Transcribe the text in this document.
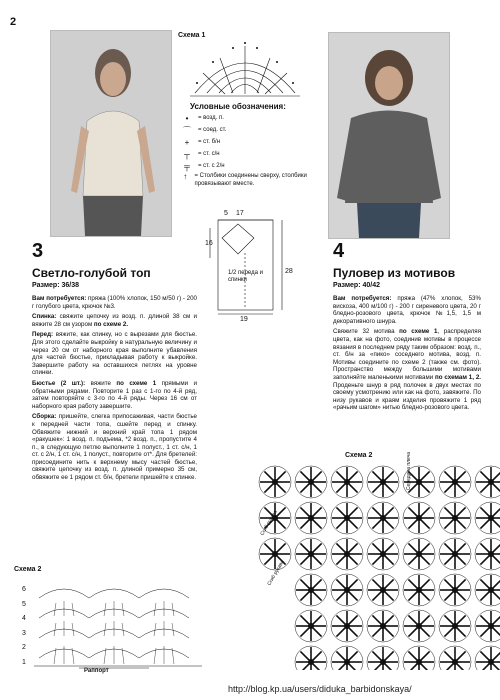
2
Схема 1
Условные обозначения:
•	= возд. п.
⌒	= соед. ст.
+	= ст. б/н
┬	= ст. с/н
╤	= ст. с 2/н
↑	= Столбики соединены сверху, столбики провязывают вместе.
17
16
5
28
19
1/2 переда и спинки
3
Светло-голубой топ
Размер: 36/38

Вам потребуется: пряжа (100% хлопок, 150 м/50 г) - 200 г голубого цвета, крючок №3.

Спинка: свяжите цепочку из возд. п. длиной 38 см и вяжите 28 см узором по схеме 2.

Перед: вяжите, как спинку, но с вырезами для бюстье. Для этого сделайте выкройку в натуральную величину и через 20 см от наборного края выполните убавления для частей бюстье, прикладывая работу к выкройке. Завершите работу на оставшихся петлях на уровне спинки.

Бюстье (2 шт.): вяжите по схеме 1 прямыми и обратными рядами. Повторите 1 раз с 1-го по 4-й ряд, затем повторяйте с 3-го по 4-й ряды. Через 16 см от наборного края работу завершите.

Сборка: пришейте, слегка припосаживая, части бюстье к передней части топа, сшейте перед и спинку. Обвяжите нижний и верхний край топа 1 рядом «ракушек»: 1 возд. п. подъема, *2 возд. п., пропустите 4 п., в следующую петлю выполните 1 полуст., 1 ст. с/н, 1 ст. с 2/н, 1 ст. с/н, 1 полуст., повторите от*. Для бретелей: присоедините нить к верхнему мысу частей бюстье, свяжите цепочку из возд. п. длиной примерно 35 см, обвяжите ее 1 рядом ст. б/н, бретели пришейте к спинке.

Схема 2
6
5
4
3
2
1
Раппорт
4
Пуловер из мотивов
Размер: 40/42

Вам потребуется: пряжа (47% хлопок, 53% вискоза, 400 м/100 г) - 200 г сиреневого цвета, 20 г бледно-розового цвета, крючок №1,5, 1,5 м декоративного шнура.

Свяжите 32 мотива по схеме 1, распределяя цвета, как на фото, соединив мотивы в процессе вязания в последнем ряду таким образом: возд. п., ст. б/н за «пико» соседнего мотива, возд. п. Мотивы соедините по схеме 2 (также см. фото). Пространство между большими мотивами заполняйте маленькими мотивами по схемам 1, 2. Проденьте шнур в ряд полочек в двух местах по своему усмотрению или как на фото, завяжите. По низу рукавов и краям изделия провяжите 1 ряд «рачьим шагом» нитью бледно-розового цвета.

Схема 2
Сгиб рукава
Сгиб рукава
Середина плеча
http://blog.kp.ua/users/diduka_barbidonskaya/
